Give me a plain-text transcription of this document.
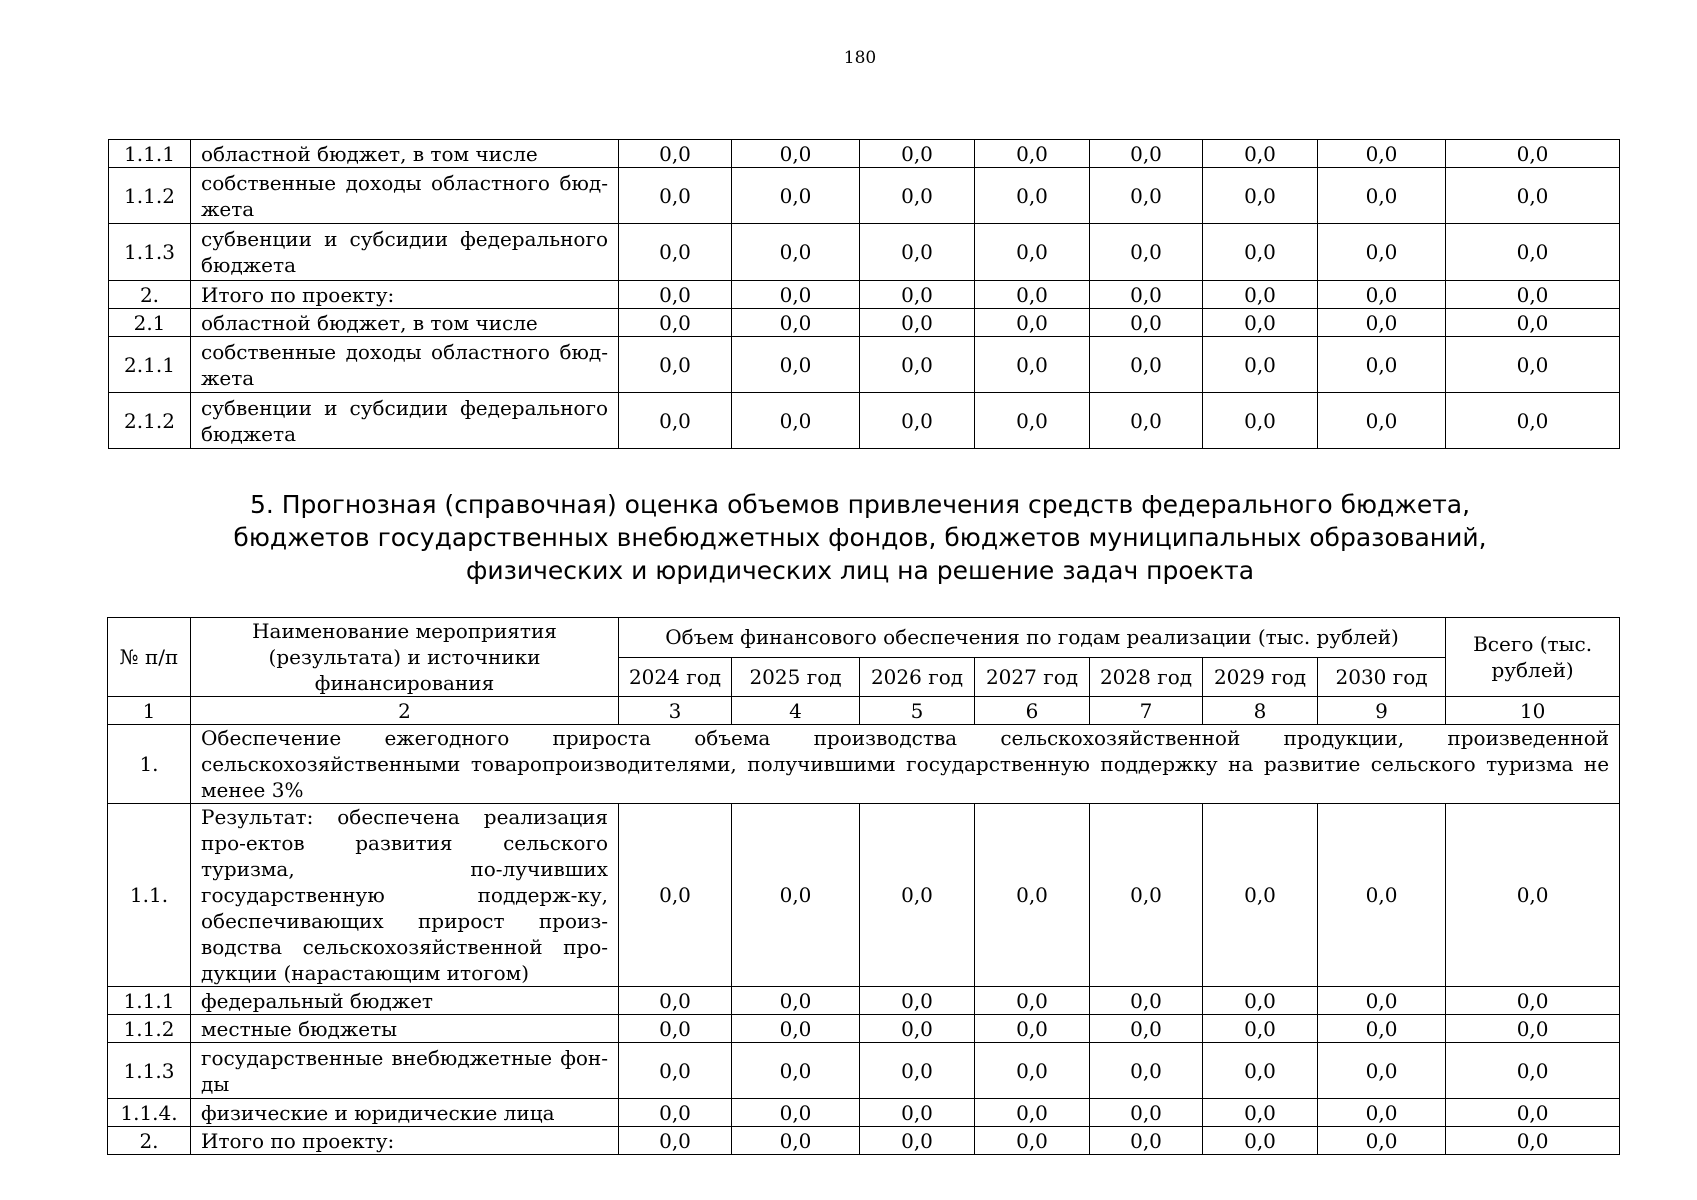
180
1.1.1	областной бюджет, в том числе	0,0	0,0	0,0	0,0	0,0	0,0	0,0	0,0
1.1.2	собственные доходы областного бюд-жета	0,0	0,0	0,0	0,0	0,0	0,0	0,0	0,0
1.1.3	субвенции и субсидии федерального бюджета	0,0	0,0	0,0	0,0	0,0	0,0	0,0	0,0
2.	Итого по проекту:	0,0	0,0	0,0	0,0	0,0	0,0	0,0	0,0
2.1	областной бюджет, в том числе	0,0	0,0	0,0	0,0	0,0	0,0	0,0	0,0
2.1.1	собственные доходы областного бюд-жета	0,0	0,0	0,0	0,0	0,0	0,0	0,0	0,0
2.1.2	субвенции и субсидии федерального бюджета	0,0	0,0	0,0	0,0	0,0	0,0	0,0	0,0
5. Прогнозная (справочная) оценка объемов привлечения средств федерального бюджета,
бюджетов государственных внебюджетных фондов, бюджетов муниципальных образований,
физических и юридических лиц на решение задач проекта
№ п/п	Наименование мероприятия (результата) и источники финансирования	Объем финансового обеспечения по годам реализации (тыс. рублей)							Всего (тыс. рублей)
		2024 год	2025 год	2026 год	2027 год	2028 год	2029 год	2030 год	
1	2	3	4	5	6	7	8	9	10
1.	Обеспечение ежегодного прироста объема производства сельскохозяйственной продукции, произведенной сельскохозяйственными товаропроизводителями, получившими государственную поддержку на развитие сельского туризма не менее 3%								
1.1.	Результат: обеспечена реализация про-ектов развития сельского туризма, по-лучивших государственную поддерж-ку, обеспечивающих прирост произ-водства сельскохозяйственной про-дукции (нарастающим итогом)	0,0	0,0	0,0	0,0	0,0	0,0	0,0	0,0
1.1.1	федеральный бюджет	0,0	0,0	0,0	0,0	0,0	0,0	0,0	0,0
1.1.2	местные бюджеты	0,0	0,0	0,0	0,0	0,0	0,0	0,0	0,0
1.1.3	государственные внебюджетные фон-ды	0,0	0,0	0,0	0,0	0,0	0,0	0,0	0,0
1.1.4.	физические и юридические лица	0,0	0,0	0,0	0,0	0,0	0,0	0,0	0,0
2.	Итого по проекту:	0,0	0,0	0,0	0,0	0,0	0,0	0,0	0,0
